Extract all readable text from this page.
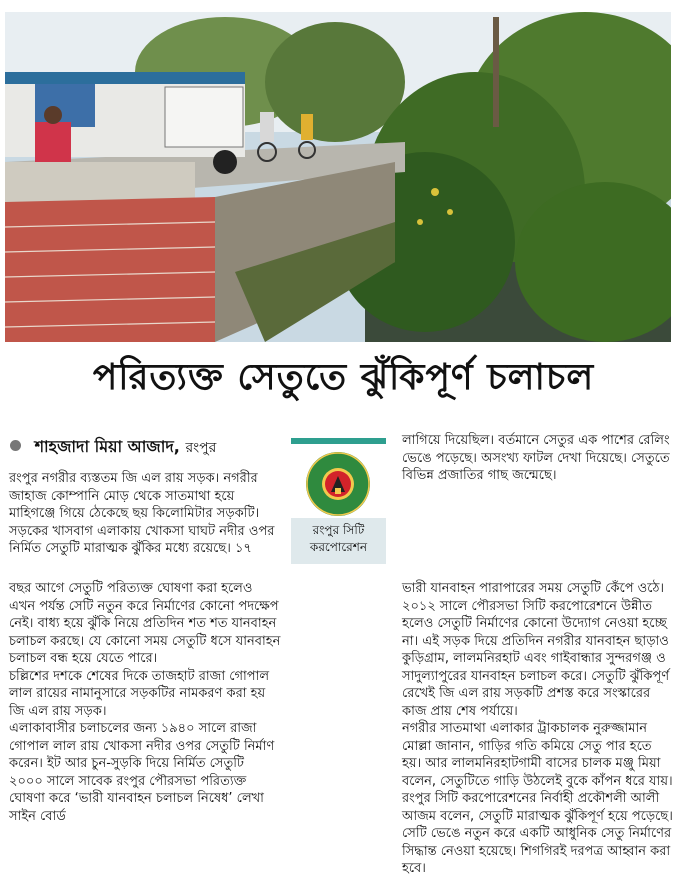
পরিত্যক্ত সেতুতে ঝুঁকিপূর্ণ চলাচল
শাহজাদা মিয়া আজাদ, রংপুর

রংপুর নগরীর ব্যস্ততম জি এল রায় সড়ক। নগরীর জাহাজ কোম্পানি মোড় থেকে সাতমাথা হয়ে মাহিগঞ্জে গিয়ে ঠেকেছে ছয় কিলোমিটার সড়কটি। সড়কের খাসবাগ এলাকায় খোকসা ঘাঘট নদীর ওপর নির্মিত সেতুটি মারাত্মক ঝুঁকির মধ্যে রয়েছে। ১৭

রংপুর সিটি
করপোরেশন

লাগিয়ে দিয়েছিল। বর্তমানে সেতুর এক পাশের রেলিং ভেঙে পড়েছে। অসংখ্য ফাটল দেখা দিয়েছে। সেতুতে বিভিন্ন প্রজাতির গাছ জন্মেছে।

বছর আগে সেতুটি পরিত্যক্ত ঘোষণা করা হলেও এখন পর্যন্ত সেটি নতুন করে নির্মাণের কোনো পদক্ষেপ নেই। বাধ্য হয়ে ঝুঁকি নিয়ে প্রতিদিন শত শত যানবাহন চলাচল করছে। যে কোনো সময় সেতুটি ধসে যানবাহন চলাচল বন্ধ হয়ে যেতে পারে।

চল্লিশের দশকে শেষের দিকে তাজহাট রাজা গোপাল লাল রায়ের নামানুসারে সড়কটির নামকরণ করা হয় জি এল রায় সড়ক।

এলাকাবাসীর চলাচলের জন্য ১৯৪০ সালে রাজা গোপাল লাল রায় খোকসা নদীর ওপর সেতুটি নির্মাণ করেন। ইট আর চুন-সুড়কি দিয়ে নির্মিত সেতুটি ২০০০ সালে সাবেক রংপুর পৌরসভা পরিত্যক্ত ঘোষণা করে ‘ভারী যানবাহন চলাচল নিষেধ’ লেখা সাইন বোর্ড

ভারী যানবাহন পারাপারের সময় সেতুটি কেঁপে ওঠে। ২০১২ সালে পৌরসভা সিটি করপোরেশনে উন্নীত হলেও সেতুটি নির্মাণের কোনো উদ্যোগ নেওয়া হচ্ছে না। এই সড়ক দিয়ে প্রতিদিন নগরীর যানবাহন ছাড়াও কুড়িগ্রাম, লালমনিরহাট এবং গাইবান্ধার সুন্দরগঞ্জ ও সাদুল্যাপুরের যানবাহন চলাচল করে। সেতুটি ঝুঁকিপূর্ণ রেখেই জি এল রায় সড়কটি প্রশস্ত করে সংস্কারের কাজ প্রায় শেষ পর্যায়ে।

নগরীর সাতমাথা এলাকার ট্রাকচালক নুরুজ্জামান মোল্লা জানান, গাড়ির গতি কমিয়ে সেতু পার হতে হয়। আর লালমনিরহাটগামী বাসের চালক মঞ্জু মিয়া বলেন, সেতুটিতে গাড়ি উঠলেই বুকে কাঁপন ধরে যায়। রংপুর সিটি করপোরেশনের নির্বাহী প্রকৌশলী আলী আজম বলেন, সেতুটি মারাত্মক ঝুঁকিপূর্ণ হয়ে পড়েছে। সেটি ভেঙে নতুন করে একটি আধুনিক সেতু নির্মাণের সিদ্ধান্ত নেওয়া হয়েছে। শিগগিরই দরপত্র আহ্বান করা হবে।
